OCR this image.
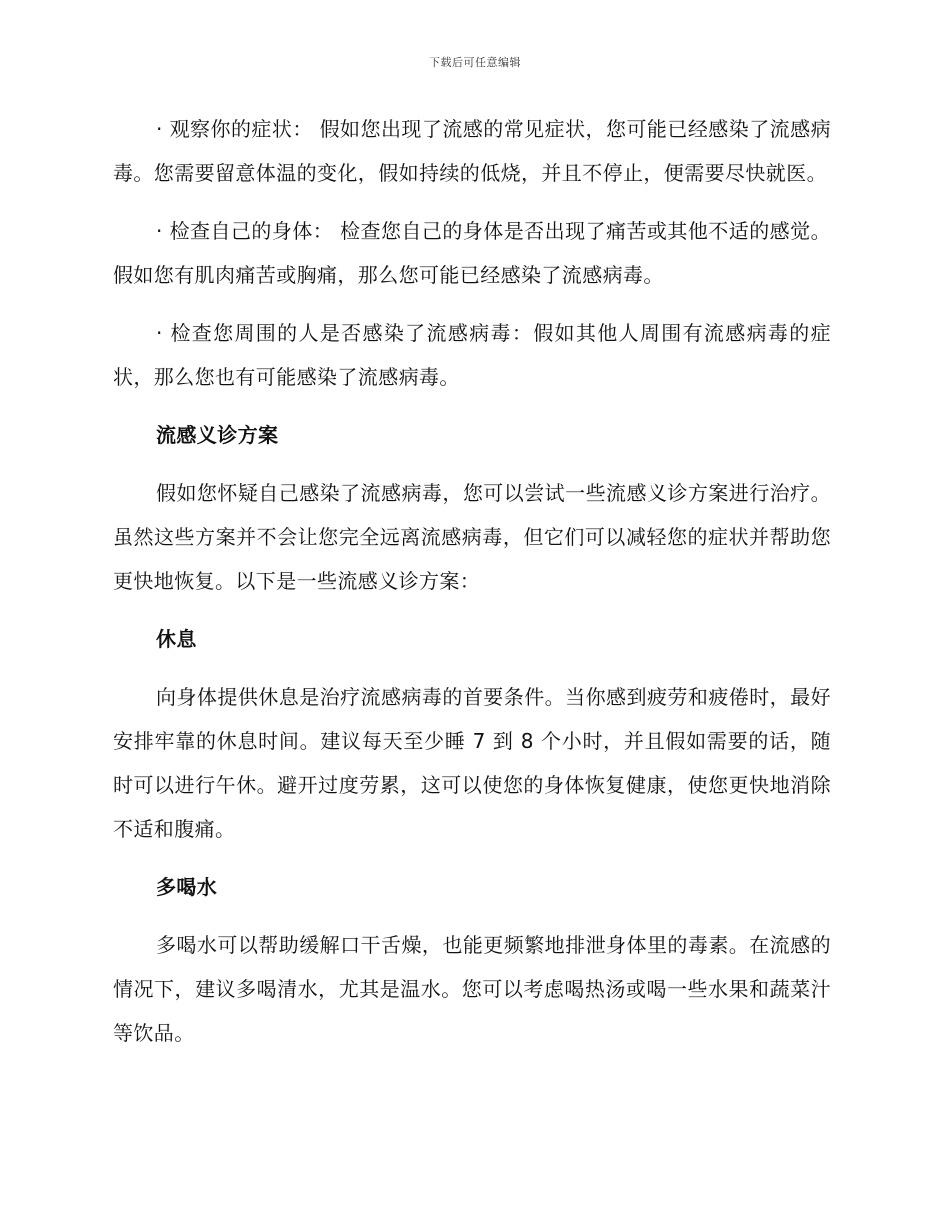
下载后可任意编辑

· 观察你的症状： 假如您出现了流感的常见症状，您可能已经感染了流感病毒。您需要留意体温的变化，假如持续的低烧，并且不停止，便需要尽快就医。

· 检查自己的身体： 检查您自己的身体是否出现了痛苦或其他不适的感觉。假如您有肌肉痛苦或胸痛，那么您可能已经感染了流感病毒。

· 检查您周围的人是否感染了流感病毒：假如其他人周围有流感病毒的症状，那么您也有可能感染了流感病毒。

流感义诊方案

假如您怀疑自己感染了流感病毒，您可以尝试一些流感义诊方案进行治疗。虽然这些方案并不会让您完全远离流感病毒，但它们可以减轻您的症状并帮助您更快地恢复。以下是一些流感义诊方案：

休息

向身体提供休息是治疗流感病毒的首要条件。当你感到疲劳和疲倦时，最好安排牢靠的休息时间。建议每天至少睡 7 到 8 个小时，并且假如需要的话，随时可以进行午休。避开过度劳累，这可以使您的身体恢复健康，使您更快地消除不适和腹痛。

多喝水

多喝水可以帮助缓解口干舌燥，也能更频繁地排泄身体里的毒素。在流感的情况下，建议多喝清水，尤其是温水。您可以考虑喝热汤或喝一些水果和蔬菜汁等饮品。
